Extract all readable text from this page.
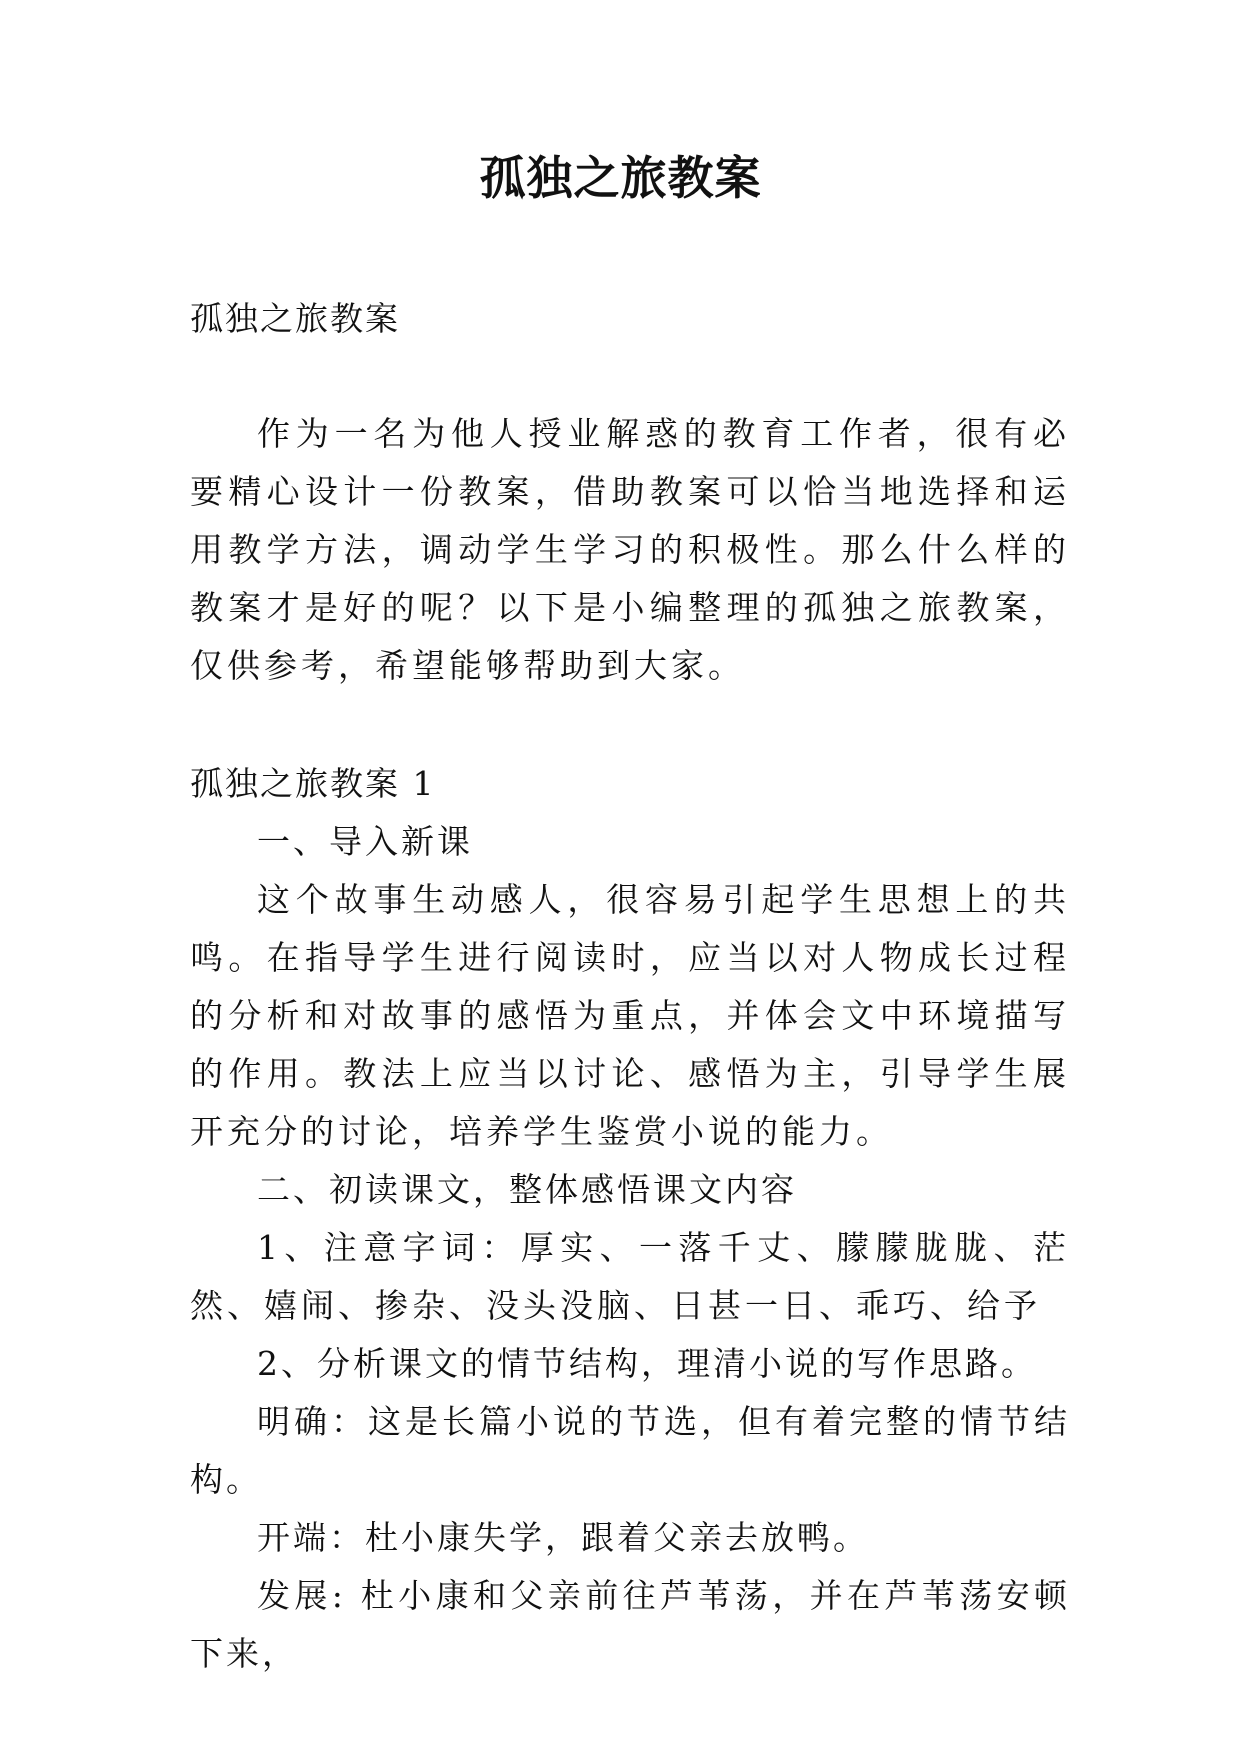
孤独之旅教案

孤独之旅教案

作为一名为他人授业解惑的教育工作者，很有必要精心设计一份教案，借助教案可以恰当地选择和运用教学方法，调动学生学习的积极性。那么什么样的教案才是好的呢？以下是小编整理的孤独之旅教案，仅供参考，希望能够帮助到大家。

孤独之旅教案 1

一、导入新课

这个故事生动感人，很容易引起学生思想上的共鸣。在指导学生进行阅读时，应当以对人物成长过程的分析和对故事的感悟为重点，并体会文中环境描写的作用。教法上应当以讨论、感悟为主，引导学生展开充分的讨论，培养学生鉴赏小说的能力。

二、初读课文，整体感悟课文内容

1、注意字词：厚实、一落千丈、朦朦胧胧、茫然、嬉闹、掺杂、没头没脑、日甚一日、乖巧、给予

2、分析课文的情节结构，理清小说的写作思路。

明确：这是长篇小说的节选，但有着完整的情节结构。

开端：杜小康失学，跟着父亲去放鸭。

发展: 杜小康和父亲前往芦苇荡，并在芦苇荡安顿下来，
